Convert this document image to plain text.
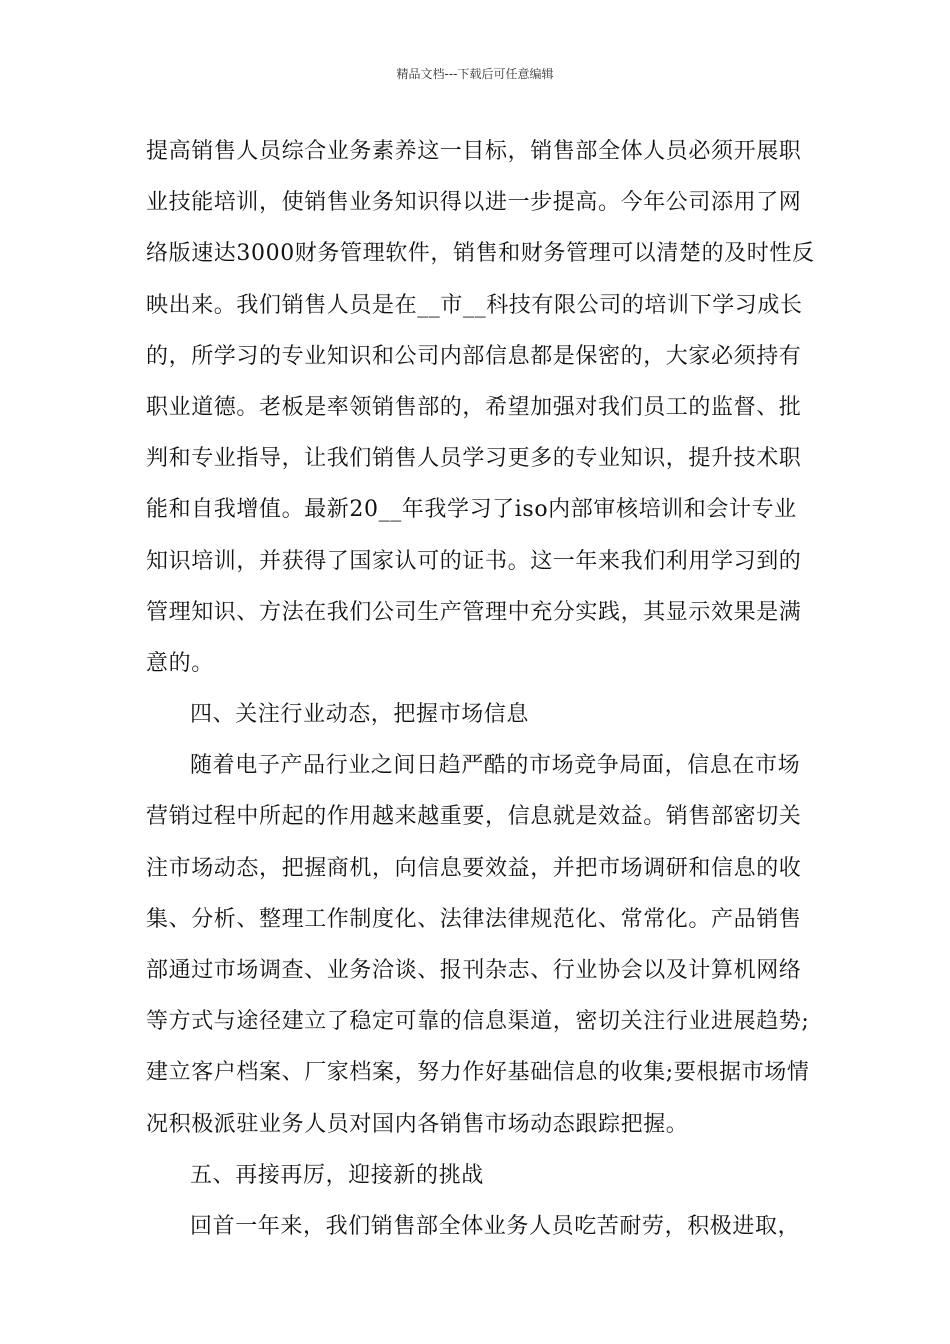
精品文档---下载后可任意编辑
提高销售人员综合业务素养这一目标，销售部全体人员必须开展职
业技能培训，使销售业务知识得以进一步提高。今年公司添用了网
络版速达3000财务管理软件，销售和财务管理可以清楚的及时性反
映出来。我们销售人员是在__市__科技有限公司的培训下学习成长
的，所学习的专业知识和公司内部信息都是保密的，大家必须持有
职业道德。老板是率领销售部的，希望加强对我们员工的监督、批
判和专业指导，让我们销售人员学习更多的专业知识，提升技术职
能和自我增值。最新20__年我学习了iso内部审核培训和会计专业
知识培训，并获得了国家认可的证书。这一年来我们利用学习到的
管理知识、方法在我们公司生产管理中充分实践，其显示效果是满
意的。
四、关注行业动态，把握市场信息
随着电子产品行业之间日趋严酷的市场竞争局面，信息在市场
营销过程中所起的作用越来越重要，信息就是效益。销售部密切关
注市场动态，把握商机，向信息要效益，并把市场调研和信息的收
集、分析、整理工作制度化、法律法律规范化、常常化。产品销售
部通过市场调查、业务洽谈、报刊杂志、行业协会以及计算机网络
等方式与途径建立了稳定可靠的信息渠道，密切关注行业进展趋势;
建立客户档案、厂家档案，努力作好基础信息的收集;要根据市场情
况积极派驻业务人员对国内各销售市场动态跟踪把握。
五、再接再厉，迎接新的挑战
回首一年来，我们销售部全体业务人员吃苦耐劳，积极进取，
